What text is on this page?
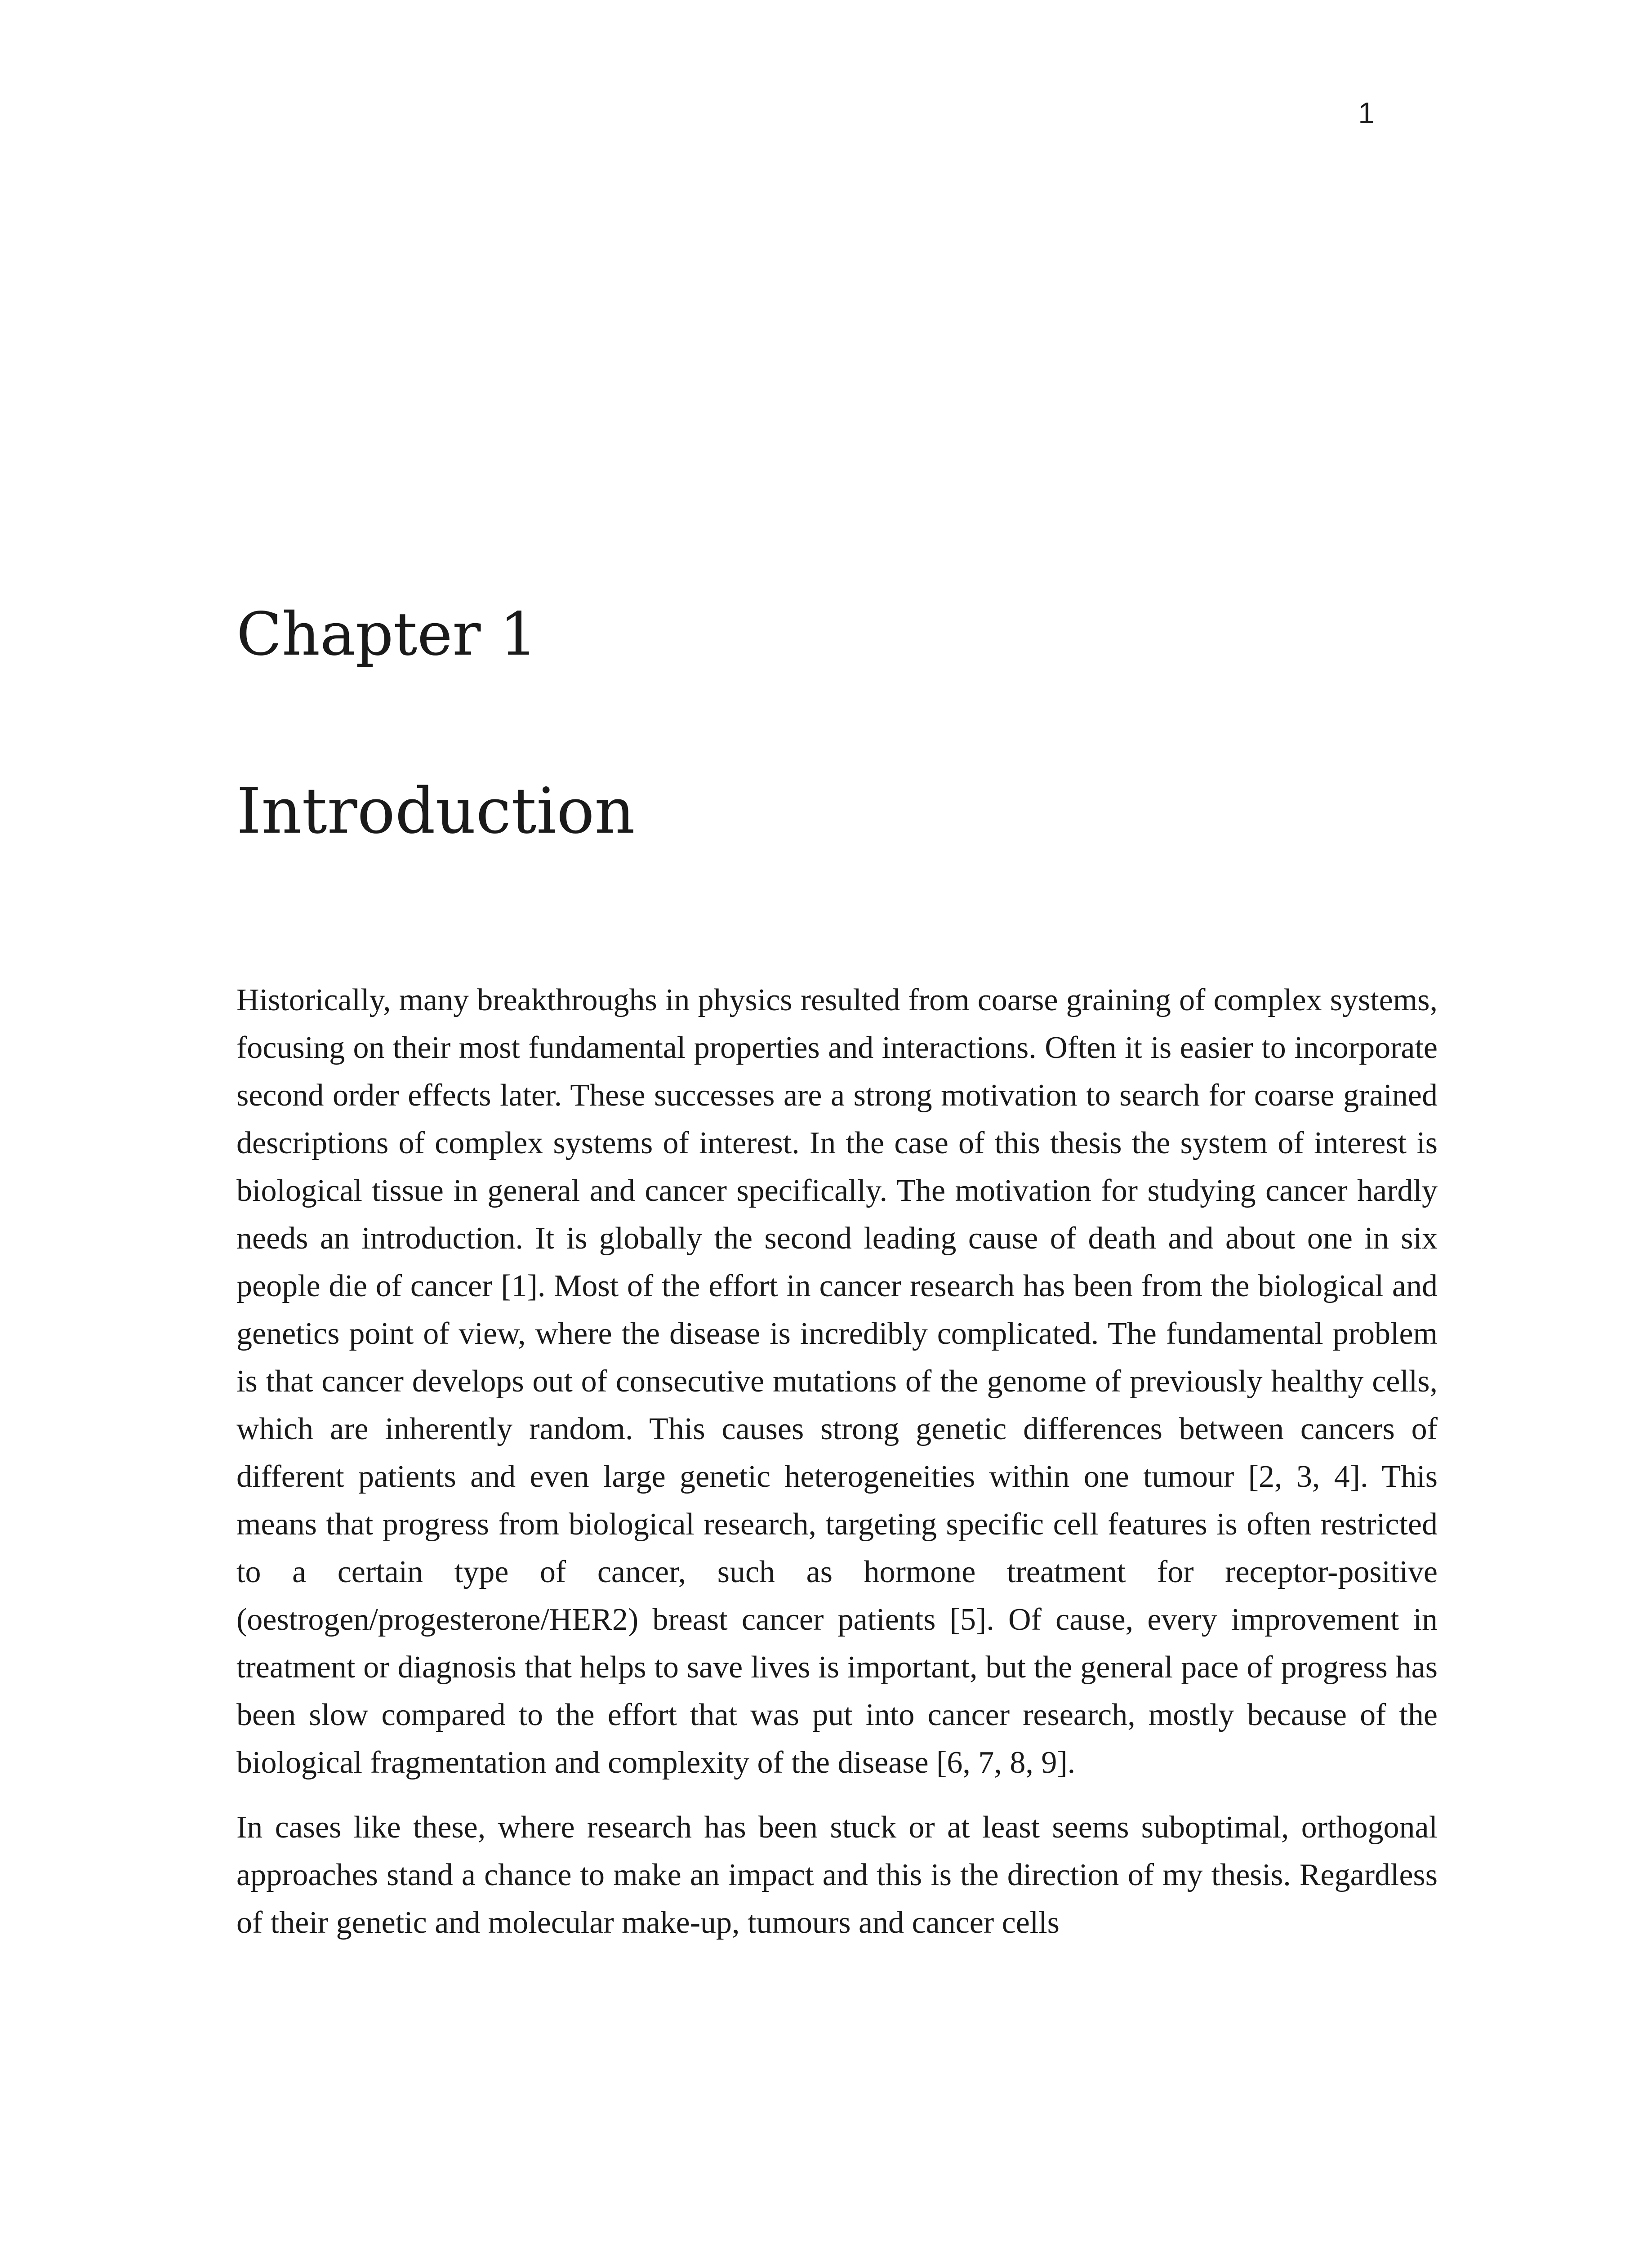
1
Chapter 1
Introduction

Historically, many breakthroughs in physics resulted from coarse graining of complex systems, focusing on their most fundamental properties and interactions. Often it is easier to incorporate second order effects later. These successes are a strong motivation to search for coarse grained descriptions of complex systems of interest. In the case of this thesis the system of interest is biological tissue in general and cancer specifically. The motivation for studying cancer hardly needs an introduction. It is globally the second leading cause of death and about one in six people die of cancer [1]. Most of the effort in cancer research has been from the biological and genetics point of view, where the disease is incredibly complicated. The fundamental problem is that cancer develops out of consecutive mutations of the genome of previously healthy cells, which are inherently random. This causes strong genetic differences between cancers of different patients and even large genetic heterogeneities within one tumour [2, 3, 4]. This means that progress from biological research, targeting specific cell features is often restricted to a certain type of cancer, such as hormone treatment for receptor-positive (oestrogen/progesterone/HER2) breast cancer patients [5]. Of cause, every improvement in treatment or diagnosis that helps to save lives is important, but the general pace of progress has been slow compared to the effort that was put into cancer research, mostly because of the biological fragmentation and complexity of the disease [6, 7, 8, 9].

In cases like these, where research has been stuck or at least seems suboptimal, orthogonal approaches stand a chance to make an impact and this is the direction of my thesis. Regardless of their genetic and molecular make-up, tumours and cancer cells
